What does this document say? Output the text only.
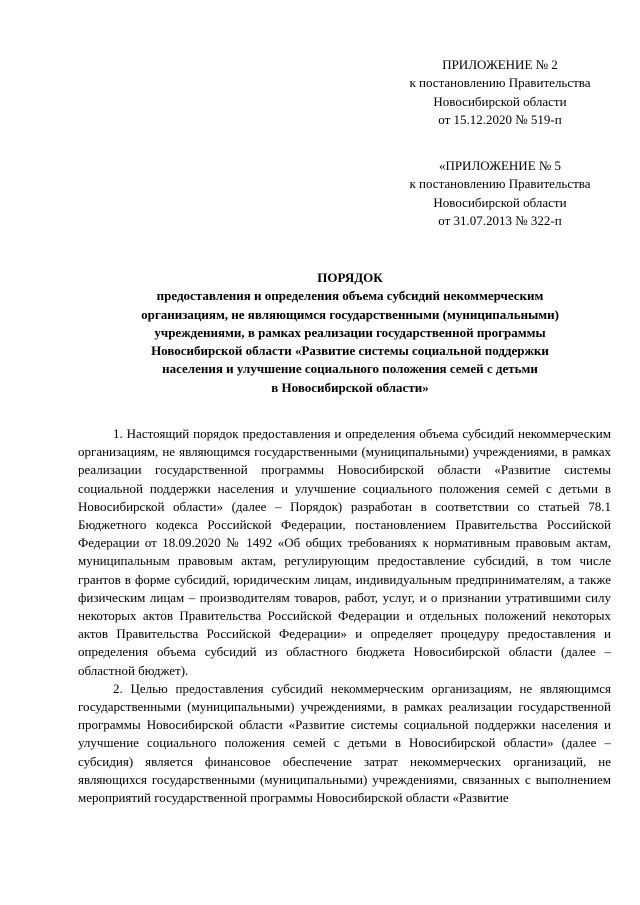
ПРИЛОЖЕНИЕ № 2
к постановлению Правительства
Новосибирской области
от 15.12.2020 № 519-п
«ПРИЛОЖЕНИЕ № 5
к постановлению Правительства
Новосибирской области
от 31.07.2013 № 322-п
ПОРЯДОК
предоставления и определения объема субсидий некоммерческим
организациям, не являющимся государственными (муниципальными)
учреждениями, в рамках реализации государственной программы
Новосибирской области «Развитие системы социальной поддержки
населения и улучшение социального положения семей с детьми
в Новосибирской области»

1. Настоящий порядок предоставления и определения объема субсидий некоммерческим организациям, не являющимся государственными (муниципальными) учреждениями, в рамках реализации государственной программы Новосибирской области «Развитие системы социальной поддержки населения и улучшение социального положения семей с детьми в Новосибирской области» (далее – Порядок) разработан в соответствии со статьей 78.1 Бюджетного кодекса Российской Федерации, постановлением Правительства Российской Федерации от 18.09.2020 № 1492 «Об общих требованиях к нормативным правовым актам, муниципальным правовым актам, регулирующим предоставление субсидий, в том числе грантов в форме субсидий, юридическим лицам, индивидуальным предпринимателям, а также физическим лицам – производителям товаров, работ, услуг, и о признании утратившими силу некоторых актов Правительства Российской Федерации и отдельных положений некоторых актов Правительства Российской Федерации» и определяет процедуру предоставления и определения объема субсидий из областного бюджета Новосибирской области (далее – областной бюджет).

2. Целью предоставления субсидий некоммерческим организациям, не являющимся государственными (муниципальными) учреждениями, в рамках реализации государственной программы Новосибирской области «Развитие системы социальной поддержки населения и улучшение социального положения семей с детьми в Новосибирской области» (далее – субсидия) является финансовое обеспечение затрат некоммерческих организаций, не являющихся государственными (муниципальными) учреждениями, связанных с выполнением мероприятий государственной программы Новосибирской области «Развитие
